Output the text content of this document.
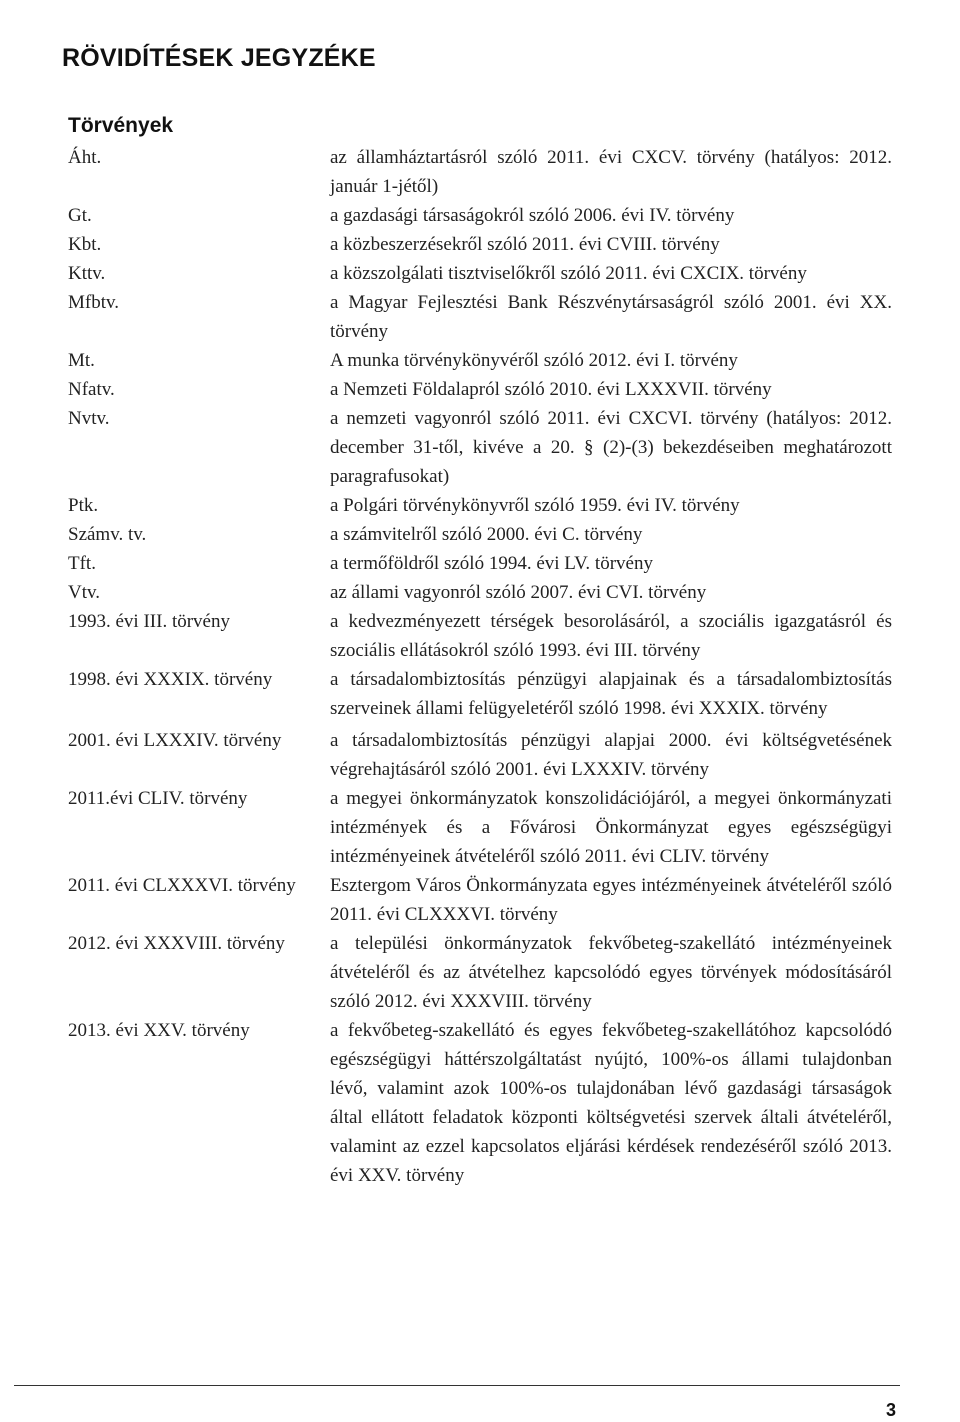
RÖVIDÍTÉSEK JEGYZÉKE
Törvények
Áht.	az államháztartásról szóló 2011. évi CXCV. törvény (hatályos: 2012. január 1-jétől)
Gt.	a gazdasági társaságokról szóló 2006. évi IV. törvény
Kbt.	a közbeszerzésekről szóló 2011. évi CVIII. törvény
Kttv.	a közszolgálati tisztviselőkről szóló 2011. évi CXCIX. törvény
Mfbtv.	a Magyar Fejlesztési Bank Részvénytársaságról szóló 2001. évi XX. törvény
Mt.	A munka törvénykönyvéről szóló 2012. évi I. törvény
Nfatv.	a Nemzeti Földalapról szóló 2010. évi LXXXVII. törvény
Nvtv.	a nemzeti vagyonról szóló 2011. évi CXCVI. törvény (hatályos: 2012. december 31-től, kivéve a 20. § (2)-(3) bekezdéseiben meghatározott paragrafusokat)
Ptk.	a Polgári törvénykönyvről szóló 1959. évi IV. törvény
Számv. tv.	a számvitelről szóló 2000. évi C. törvény
Tft.	a termőföldről szóló 1994. évi LV. törvény
Vtv.	az állami vagyonról szóló 2007. évi CVI. törvény
1993. évi III. törvény	a kedvezményezett térségek besorolásáról, a szociális igazgatásról és szociális ellátásokról szóló 1993. évi III. törvény
1998. évi XXXIX. törvény	a társadalombiztosítás pénzügyi alapjainak és a társadalombiztosítás szerveinek állami felügyeletéről szóló 1998. évi XXXIX. törvény
2001. évi LXXXIV. törvény	a társadalombiztosítás pénzügyi alapjai 2000. évi költségvetésének végrehajtásáról szóló 2001. évi LXXXIV. törvény
2011.évi CLIV. törvény	a megyei önkormányzatok konszolidációjáról, a megyei önkormányzati intézmények és a Fővárosi Önkormányzat egyes egészségügyi intézményeinek átvételéről szóló 2011. évi CLIV. törvény
2011. évi CLXXXVI. törvény	Esztergom Város Önkormányzata egyes intézményeinek átvételéről szóló 2011. évi CLXXXVI. törvény
2012. évi XXXVIII. törvény	a települési önkormányzatok fekvőbeteg-szakellátó intézményeinek átvételéről és az átvételhez kapcsolódó egyes törvények módosításáról szóló 2012. évi XXXVIII. törvény
2013. évi XXV. törvény	a fekvőbeteg-szakellátó és egyes fekvőbeteg-szakellátóhoz kapcsolódó egészségügyi háttérszolgáltatást nyújtó, 100%-os állami tulajdonban lévő, valamint azok 100%-os tulajdonában lévő gazdasági társaságok által ellátott feladatok központi költségvetési szervek általi átvételéről, valamint az ezzel kapcsolatos eljárási kérdések rendezéséről szóló 2013. évi XXV. törvény
3
